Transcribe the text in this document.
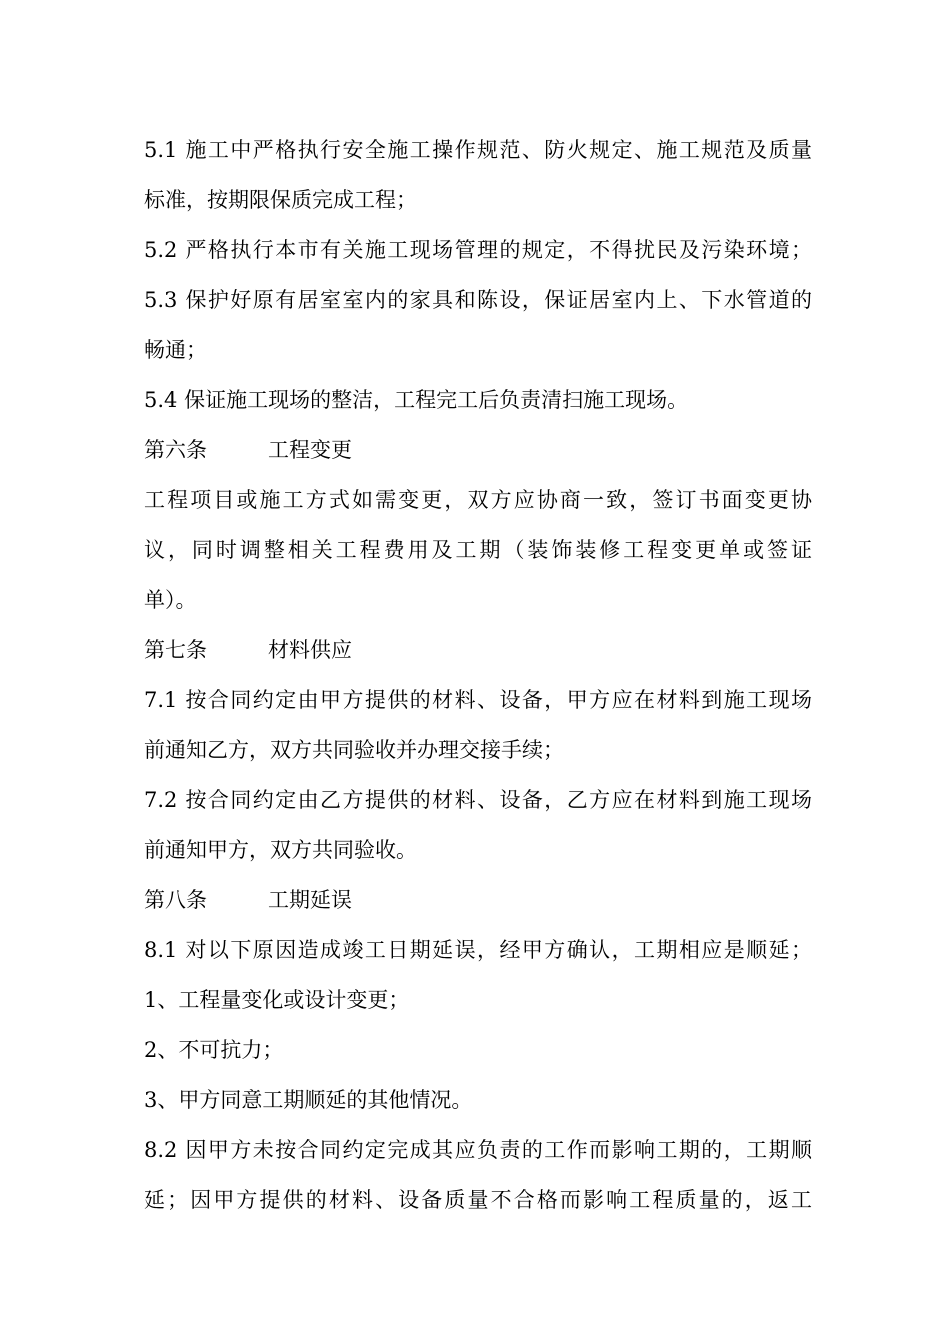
5.1 施工中严格执行安全施工操作规范、防火规定、施工规范及质量
标准，按期限保质完成工程；
5.2 严格执行本市有关施工现场管理的规定，不得扰民及污染环境；
5.3 保护好原有居室室内的家具和陈设，保证居室内上、下水管道的
畅通；
5.4 保证施工现场的整洁，工程完工后负责清扫施工现场。
第六条	工程变更
工程项目或施工方式如需变更，双方应协商一致，签订书面变更协
议，同时调整相关工程费用及工期（装饰装修工程变更单或签证
单）。
第七条	材料供应
7.1 按合同约定由甲方提供的材料、设备，甲方应在材料到施工现场
前通知乙方，双方共同验收并办理交接手续；
7.2 按合同约定由乙方提供的材料、设备，乙方应在材料到施工现场
前通知甲方，双方共同验收。
第八条	工期延误
8.1 对以下原因造成竣工日期延误，经甲方确认，工期相应是顺延；
1、工程量变化或设计变更；
2、不可抗力；
3、甲方同意工期顺延的其他情况。
8.2 因甲方未按合同约定完成其应负责的工作而影响工期的，工期顺
延；因甲方提供的材料、设备质量不合格而影响工程质量的，返工
